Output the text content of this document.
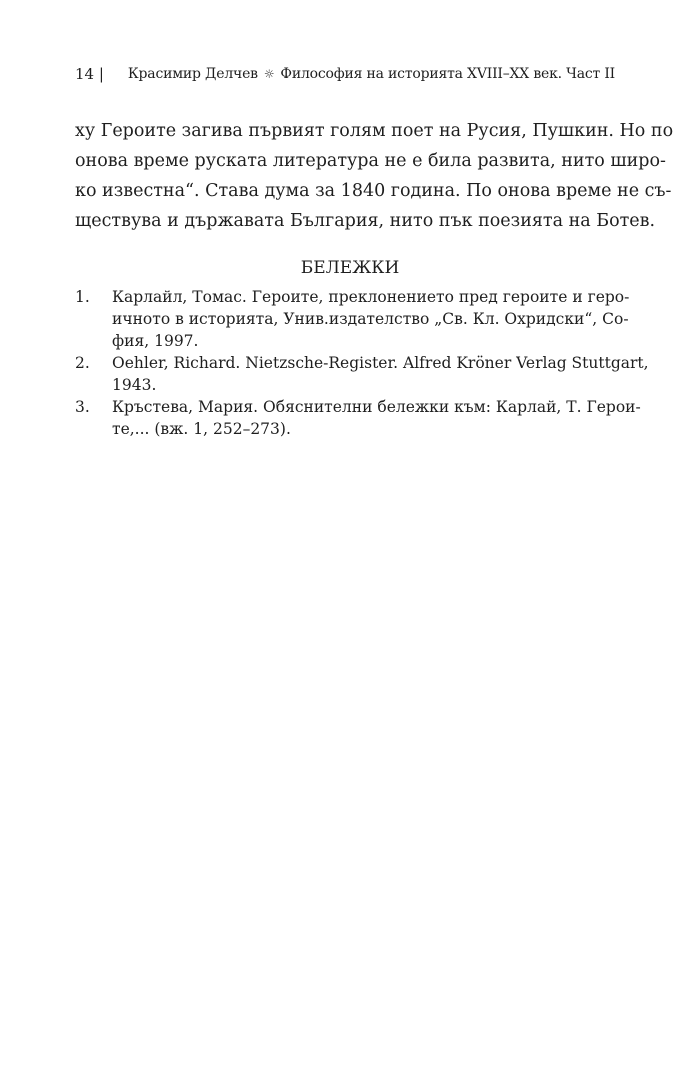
14 | Красимир Делчев ☼ Философия на историята XVIII–XX век. Част II
ху Героите загива първият голям поет на Русия, Пушкин. Но по
онова време руската литература не е била развита, нито широ-
ко известна“. Става дума за 1840 година. По онова време не съ-
ществува и държавата България, нито пък поезията на Ботев.
БЕЛЕЖКИ
1. Карлайл, Томас. Героите, преклонението пред героите и геро-
ичното в историята, Унив.издателство „Св. Кл. Охридски“, Со-
фия, 1997.
2. Oehler, Richard. Nietzsche-Register. Alfred Kröner Verlag Stuttgart,
1943.
3. Кръстева, Мария. Обяснителни бележки към: Карлай, Т. Герои-
те,... (вж. 1, 252–273).
